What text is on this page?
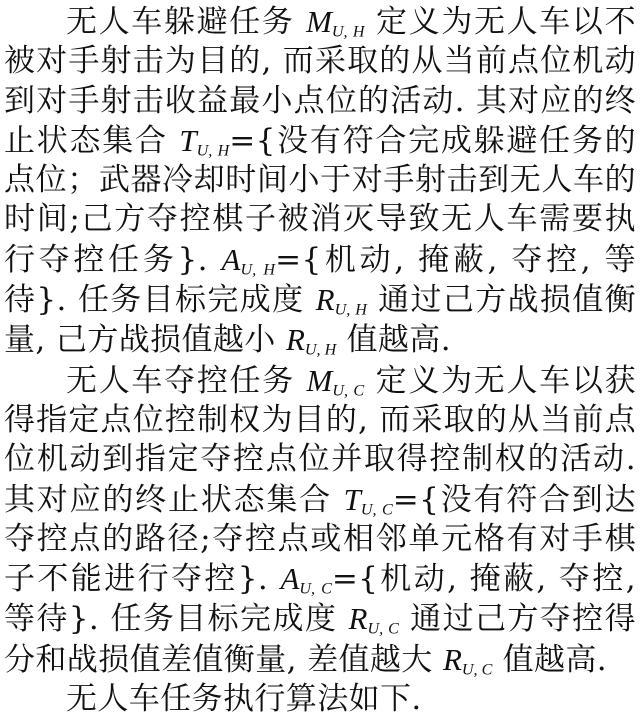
无人车躲避任务 $M_{U, H}$ 定义为无人车以不被对手射击为目的, 而采取的从当前点位机动到对手射击收益最小点位的活动. 其对应的终止状态集合 $T_{U, H}=${没有符合完成躲避任务的点位；武器冷却时间小于对手射击到无人车的时间;己方夺控棋子被消灭导致无人车需要执行夺控任务}. $A_{U, H}=${机动, 掩蔽, 夺控, 等待}. 任务目标完成度 $R_{U, H}$ 通过己方战损值衡量, 己方战损值越小 $R_{U, H}$ 值越高.

无人车夺控任务 $M_{U, C}$ 定义为无人车以获得指定点位控制权为目的, 而采取的从当前点位机动到指定夺控点位并取得控制权的活动. 其对应的终止状态集合 $T_{U, C}=${没有符合到达夺控点的路径;夺控点或相邻单元格有对手棋子不能进行夺控}. $A_{U, C}=${机动, 掩蔽, 夺控, 等待}. 任务目标完成度 $R_{U, C}$ 通过己方夺控得分和战损值差值衡量, 差值越大 $R_{U, C}$ 值越高.

无人车任务执行算法如下.
